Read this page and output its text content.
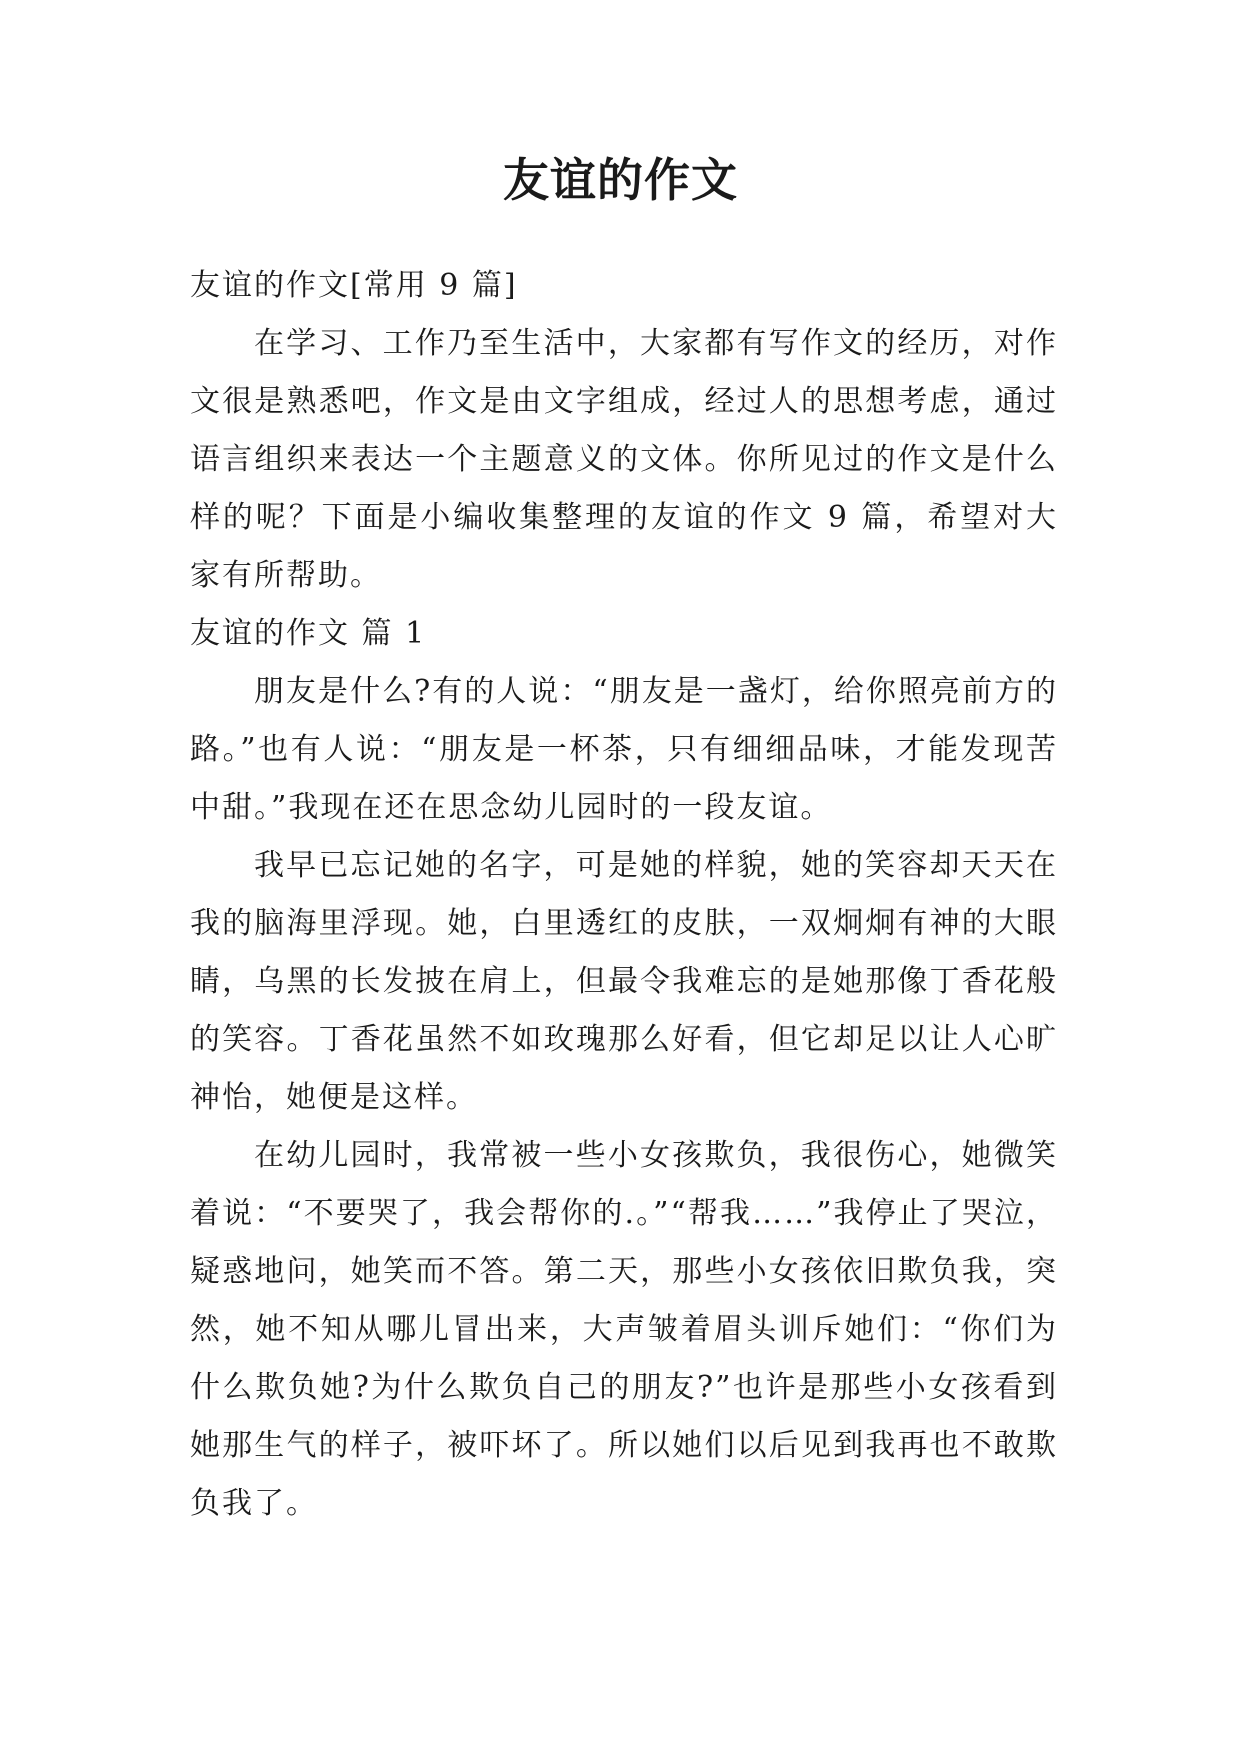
友谊的作文

友谊的作文[常用 9 篇]

在学习、工作乃至生活中，大家都有写作文的经历，对作文很是熟悉吧，作文是由文字组成，经过人的思想考虑，通过语言组织来表达一个主题意义的文体。你所见过的作文是什么样的呢？下面是小编收集整理的友谊的作文 9 篇，希望对大家有所帮助。

友谊的作文 篇 1

朋友是什么?有的人说：“朋友是一盏灯，给你照亮前方的路。”也有人说：“朋友是一杯茶，只有细细品味，才能发现苦中甜。”我现在还在思念幼儿园时的一段友谊。

我早已忘记她的名字，可是她的样貌，她的笑容却天天在我的脑海里浮现。她，白里透红的皮肤，一双炯炯有神的大眼睛，乌黑的长发披在肩上，但最令我难忘的是她那像丁香花般的笑容。丁香花虽然不如玫瑰那么好看，但它却足以让人心旷神怡，她便是这样。

在幼儿园时，我常被一些小女孩欺负，我很伤心，她微笑着说：“不要哭了，我会帮你的.。”“帮我……”我停止了哭泣，疑惑地问，她笑而不答。第二天，那些小女孩依旧欺负我，突然，她不知从哪儿冒出来，大声皱着眉头训斥她们：“你们为什么欺负她?为什么欺负自己的朋友?”也许是那些小女孩看到她那生气的样子，被吓坏了。所以她们以后见到我再也不敢欺负我了。
